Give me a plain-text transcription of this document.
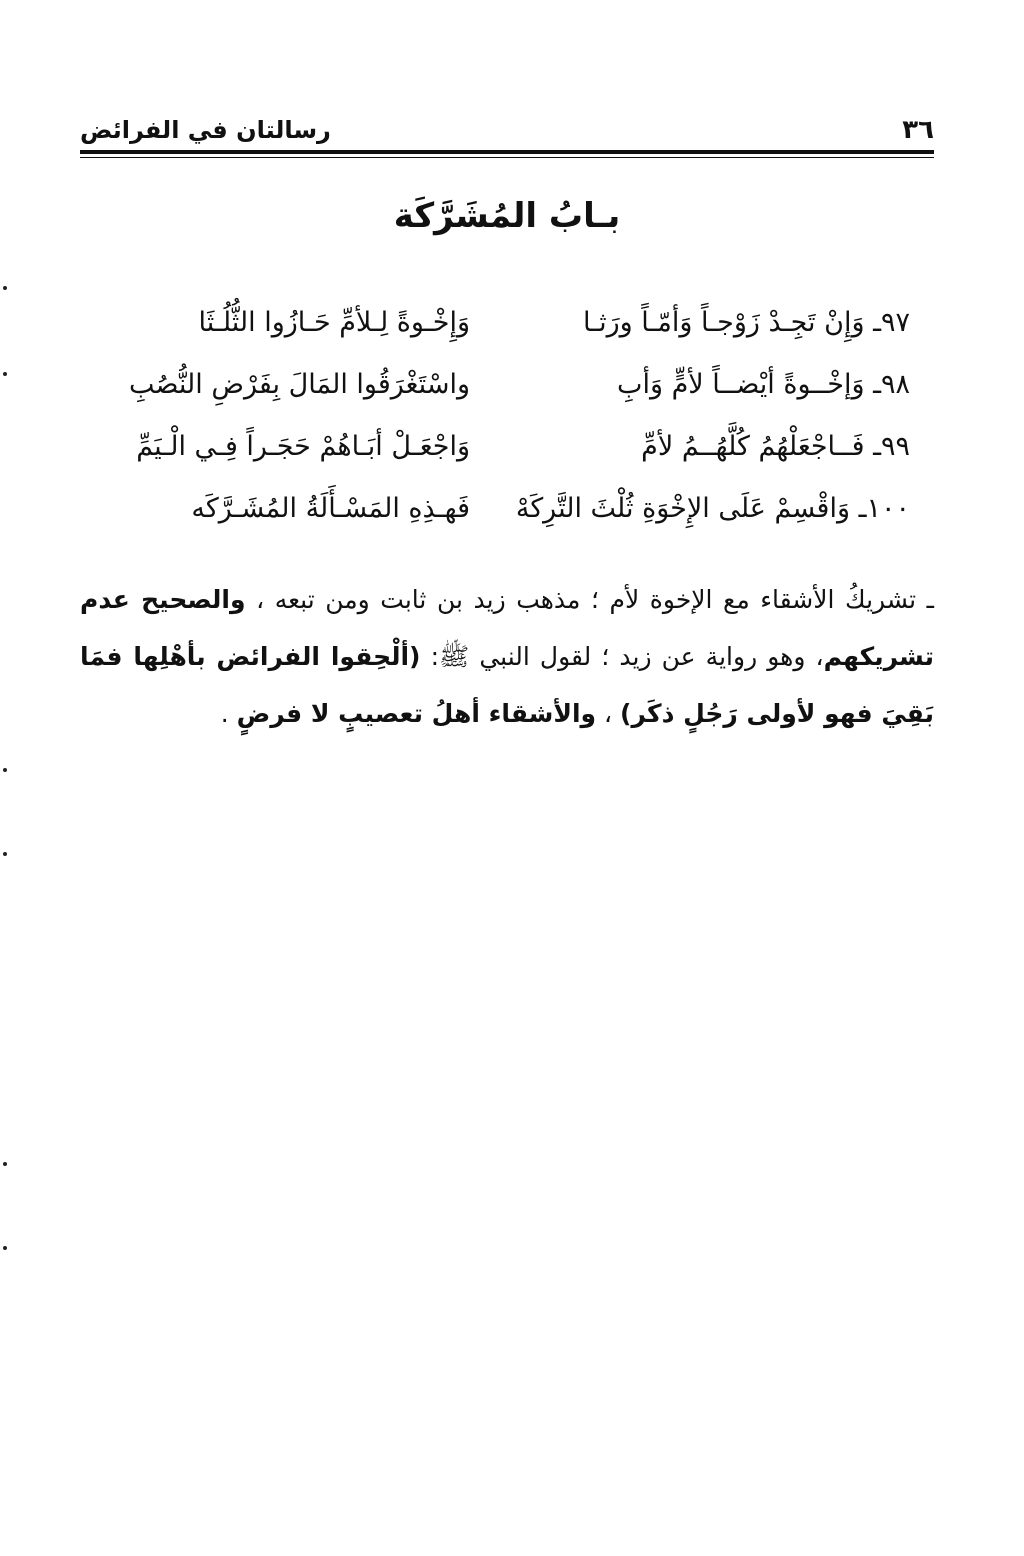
٣٦
رسالتان في الفرائض
بـابُ المُشَرَّكَة
٩٧ـ وَإِنْ تَجِـدْ زَوْجـاً وَأمّـاً ورَثـا
وَإِخْـوةً لِـلأمِّ حَـازُوا الثُّلُـثَا
٩٨ـ وَإخْــوةً أيْضــاً لأمٍّ وَأبِ
واسْتَغْرَقُوا المَالَ بِفَرْضِ النُّصُبِ
٩٩ـ فَــاجْعَلْهُمُ كُلَّهُــمُ لأمِّ
وَاجْعَـلْ أبَـاهُمْ حَجَـراً فِـي الْـيَمِّ
١٠٠ـ وَاقْسِمْ عَلَى الإِخْوَةِ ثُلْثَ التَّرِكَهْ
فَهـذِهِ المَسْـأَلَةُ المُشَـرَّكَه

ـ تشريكُ الأشقاء مع الإخوة لأم ؛ مذهب زيد بن ثابت ومن تبعه ، والصحيح عدم تشريكهم، وهو رواية عن زيد ؛ لقول النبي ﷺ: (ألْحِقوا الفرائض بأهْلِها فمَا بَقِيَ فهو لأولى رَجُلٍ ذكَر) ، والأشقاء أهلُ تعصيبٍ لا فرضٍ .
